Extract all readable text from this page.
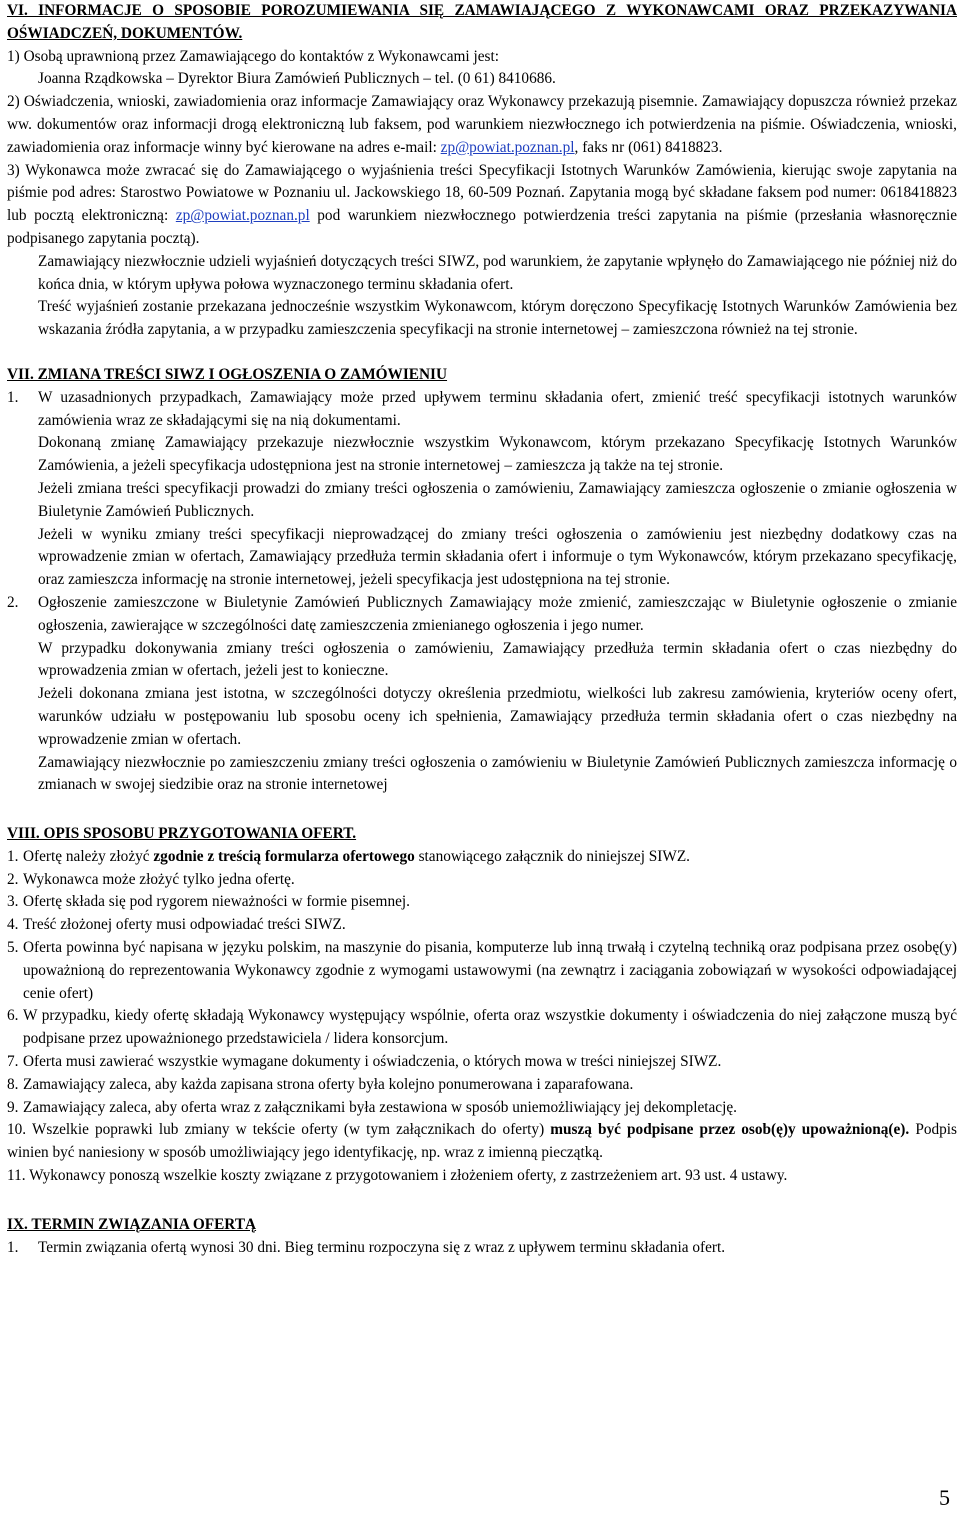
VI. INFORMACJE O SPOSOBIE POROZUMIEWANIA SIĘ ZAMAWIAJĄCEGO Z WYKONAWCAMI ORAZ PRZEKAZYWANIA OŚWIADCZEŃ, DOKUMENTÓW.

1) Osobą uprawnioną przez Zamawiającego do kontaktów z Wykonawcami jest:

Joanna Rządkowska – Dyrektor Biura Zamówień Publicznych – tel. (0 61) 8410686.

2) Oświadczenia, wnioski, zawiadomienia oraz informacje Zamawiający oraz Wykonawcy przekazują pisemnie. Zamawiający dopuszcza również przekaz ww. dokumentów oraz informacji drogą elektroniczną lub faksem, pod warunkiem niezwłocznego ich potwierdzenia na piśmie. Oświadczenia, wnioski, zawiadomienia oraz informacje winny być kierowane na adres e-mail: zp@powiat.poznan.pl, faks nr (061) 8418823.

3) Wykonawca może zwracać się do Zamawiającego o wyjaśnienia treści Specyfikacji Istotnych Warunków Zamówienia, kierując swoje zapytania na piśmie pod adres: Starostwo Powiatowe w Poznaniu ul. Jackowskiego 18, 60-509 Poznań. Zapytania mogą być składane faksem pod numer: 0618418823 lub pocztą elektroniczną: zp@powiat.poznan.pl pod warunkiem niezwłocznego potwierdzenia treści zapytania na piśmie (przesłania własnoręcznie podpisanego zapytania pocztą).

Zamawiający niezwłocznie udzieli wyjaśnień dotyczących treści SIWZ, pod warunkiem, że zapytanie wpłynęło do Zamawiającego nie później niż do końca dnia, w którym upływa połowa wyznaczonego terminu składania ofert.

Treść wyjaśnień zostanie przekazana jednocześnie wszystkim Wykonawcom, którym doręczono Specyfikację Istotnych Warunków Zamówienia bez wskazania źródła zapytania, a w przypadku zamieszczenia specyfikacji na stronie internetowej – zamieszczona również na tej stronie.

VII. ZMIANA TREŚCI SIWZ I OGŁOSZENIA O ZAMÓWIENIU

1.	W uzasadnionych przypadkach, Zamawiający może przed upływem terminu składania ofert, zmienić treść specyfikacji istotnych warunków zamówienia wraz ze składającymi się na nią dokumentami.

Dokonaną zmianę Zamawiający przekazuje niezwłocznie wszystkim Wykonawcom, którym przekazano Specyfikację Istotnych Warunków Zamówienia, a jeżeli specyfikacja udostępniona jest na stronie internetowej – zamieszcza ją także na tej stronie.

Jeżeli zmiana treści specyfikacji prowadzi do zmiany treści ogłoszenia o zamówieniu, Zamawiający zamieszcza ogłoszenie o zmianie ogłoszenia w Biuletynie Zamówień Publicznych.

Jeżeli w wyniku zmiany treści specyfikacji nieprowadzącej do zmiany treści ogłoszenia o zamówieniu jest niezbędny dodatkowy czas na wprowadzenie zmian w ofertach, Zamawiający przedłuża termin składania ofert i informuje o tym Wykonawców, którym przekazano specyfikację, oraz zamieszcza informację na stronie internetowej, jeżeli specyfikacja jest udostępniona na tej stronie.

2.	Ogłoszenie zamieszczone w Biuletynie Zamówień Publicznych Zamawiający może zmienić, zamieszczając w Biuletynie ogłoszenie o zmianie ogłoszenia, zawierające w szczególności datę zamieszczenia zmienianego ogłoszenia i jego numer.

W przypadku dokonywania zmiany treści ogłoszenia o zamówieniu, Zamawiający przedłuża termin składania ofert o czas niezbędny do wprowadzenia zmian w ofertach, jeżeli jest to konieczne.

Jeżeli dokonana zmiana jest istotna, w szczególności dotyczy określenia przedmiotu, wielkości lub zakresu zamówienia, kryteriów oceny ofert, warunków udziału w postępowaniu lub sposobu oceny ich spełnienia, Zamawiający przedłuża termin składania ofert o czas niezbędny na wprowadzenie zmian w ofertach.

Zamawiający niezwłocznie po zamieszczeniu zmiany treści ogłoszenia o zamówieniu w Biuletynie Zamówień Publicznych zamieszcza informację o zmianach w swojej siedzibie oraz na stronie internetowej

VIII. OPIS SPOSOBU PRZYGOTOWANIA OFERT.

1. Ofertę należy złożyć zgodnie z treścią formularza ofertowego stanowiącego załącznik do niniejszej SIWZ.
2. Wykonawca może złożyć tylko jedna ofertę.
3. Ofertę składa się pod rygorem nieważności w formie pisemnej.
4. Treść złożonej oferty musi odpowiadać treści SIWZ.
5. Oferta powinna być napisana w języku polskim, na maszynie do pisania, komputerze lub inną trwałą i czytelną techniką oraz podpisana przez osobę(y) upoważnioną do reprezentowania Wykonawcy zgodnie z wymogami ustawowymi (na zewnątrz i zaciągania zobowiązań w wysokości odpowiadającej cenie ofert)
6. W przypadku, kiedy ofertę składają Wykonawcy występujący wspólnie, oferta oraz wszystkie dokumenty i oświadczenia do niej załączone muszą być podpisane przez upoważnionego przedstawiciela / lidera konsorcjum.
7. Oferta musi zawierać wszystkie wymagane dokumenty i oświadczenia, o których mowa w treści niniejszej SIWZ.
8. Zamawiający zaleca, aby każda zapisana strona oferty była kolejno ponumerowana i zaparafowana.
9. Zamawiający zaleca, aby oferta wraz z załącznikami była zestawiona w sposób uniemożliwiający jej dekompletację.

10. Wszelkie poprawki lub zmiany w tekście oferty (w tym załącznikach do oferty) muszą być podpisane przez osob(ę)y upoważnioną(e). Podpis winien być naniesiony w sposób umożliwiający jego identyfikację, np. wraz z imienną pieczątką.

11. Wykonawcy ponoszą wszelkie koszty związane z przygotowaniem i złożeniem oferty, z zastrzeżeniem art. 93 ust. 4 ustawy.

IX. TERMIN ZWIĄZANIA OFERTĄ

1.	Termin związania ofertą wynosi 30 dni. Bieg terminu rozpoczyna się z wraz z upływem terminu składania ofert.
5
